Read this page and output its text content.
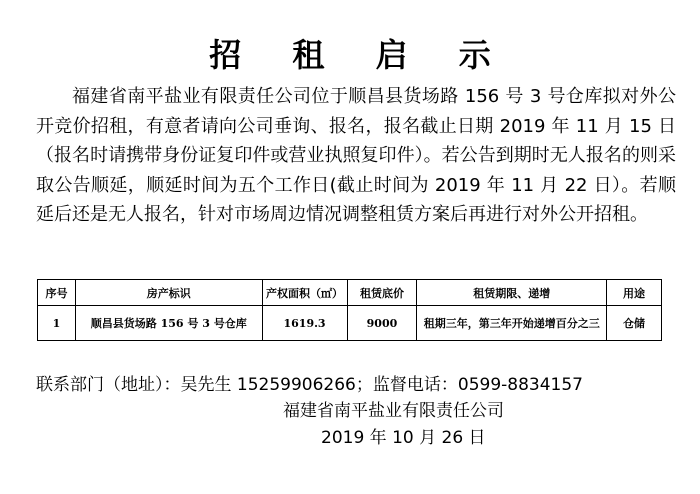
招 租 启 示
福建省南平盐业有限责任公司位于顺昌县货场路 156 号 3 号仓库拟对外公开竞价招租，有意者请向公司垂询、报名，报名截止日期 2019 年 11 月 15 日（报名时请携带身份证复印件或营业执照复印件）。若公告到期时无人报名的则采取公告顺延，顺延时间为五个工作日(截止时间为 2019 年 11 月 22 日）。若顺延后还是无人报名，针对市场周边情况调整租赁方案后再进行对外公开招租。
序号	房产标识	产权面积（㎡）	租赁底价	租赁期限、递增	用途
1	顺昌县货场路 156 号 3 号仓库	1619.3	9000	租期三年，第三年开始递增百分之三	仓储
联系部门（地址）：吴先生 15259906266；监督电话：0599-8834157
福建省南平盐业有限责任公司
2019 年 10 月 26 日
